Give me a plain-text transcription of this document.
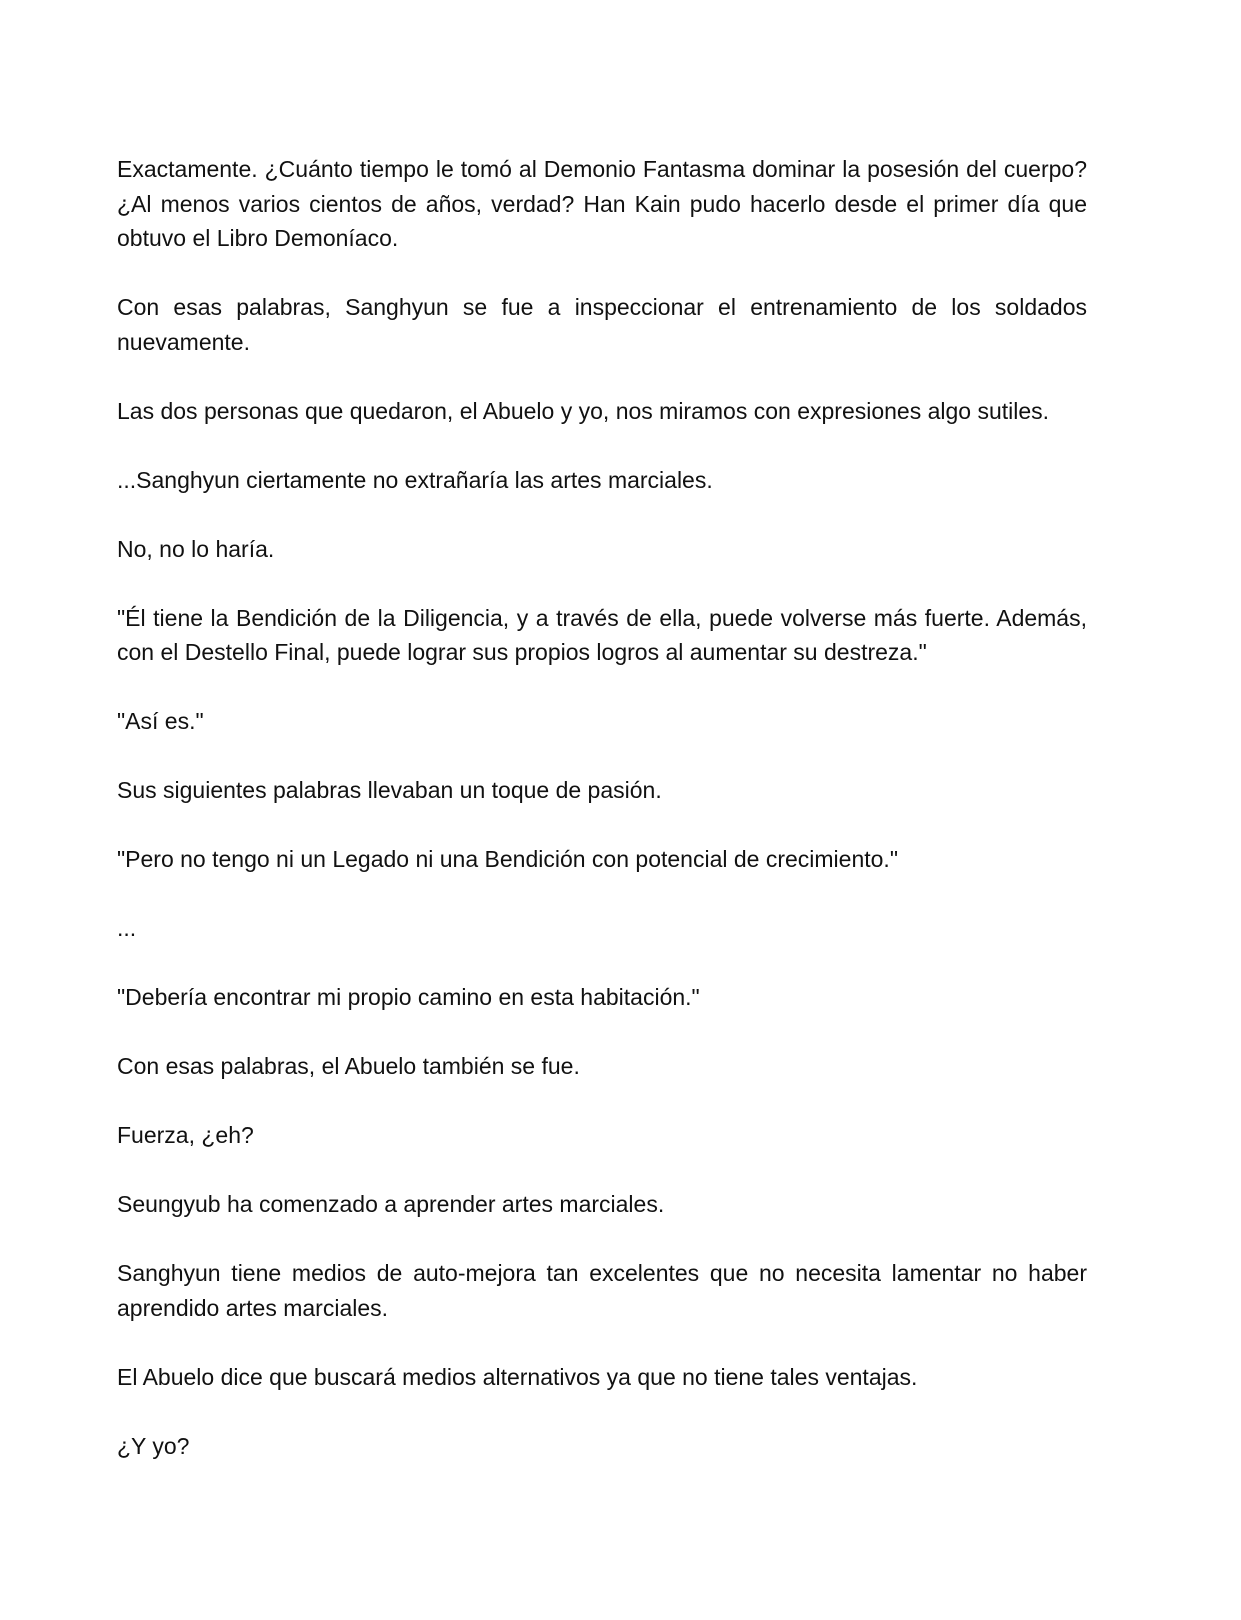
Exactamente. ¿Cuánto tiempo le tomó al Demonio Fantasma dominar la posesión del cuerpo? ¿Al menos varios cientos de años, verdad? Han Kain pudo hacerlo desde el primer día que obtuvo el Libro Demoníaco.

Con esas palabras, Sanghyun se fue a inspeccionar el entrenamiento de los soldados nuevamente.

Las dos personas que quedaron, el Abuelo y yo, nos miramos con expresiones algo sutiles.

...Sanghyun ciertamente no extrañaría las artes marciales.

No, no lo haría.

"Él tiene la Bendición de la Diligencia, y a través de ella, puede volverse más fuerte. Además, con el Destello Final, puede lograr sus propios logros al aumentar su destreza."

"Así es."

Sus siguientes palabras llevaban un toque de pasión.

"Pero no tengo ni un Legado ni una Bendición con potencial de crecimiento."

...

"Debería encontrar mi propio camino en esta habitación."

Con esas palabras, el Abuelo también se fue.

Fuerza, ¿eh?

Seungyub ha comenzado a aprender artes marciales.

Sanghyun tiene medios de auto-mejora tan excelentes que no necesita lamentar no haber aprendido artes marciales.

El Abuelo dice que buscará medios alternativos ya que no tiene tales ventajas.

¿Y yo?
